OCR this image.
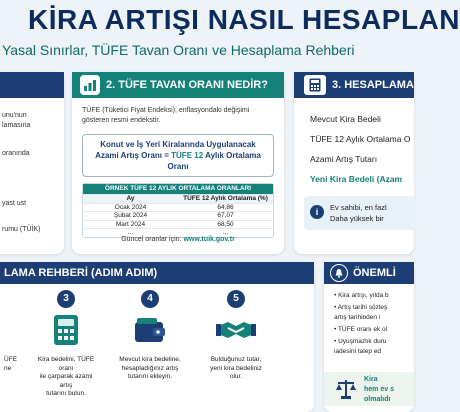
KİRA ARTIŞI NASIL HESAPLAN
Yasal Sınırlar, TÜFE Tavan Oranı ve Hesaplama Rehberi
unu'nun
lamasına
oranında
yast ust
rumu (TÜİK)
2. TÜFE TAVAN ORANI NEDİR?
TÜFE (Tüketici Fiyat Endeksi), enflasyondaki değişimi gösteren resmi endekstir.
Konut ve İş Yeri Kiralarında Uygulanacak
Azami Artış Oranı = TÜFE 12 Aylık Ortalama Oranı
ÖRNEK TÜFE 12 AYLIK ORTALAMA ORANLARI
Ay	TÜFE 12 Aylık Ortalama (%)
Ocak 2024	64,86
Şubat 2024	67,07
Mart 2024	68,50
...	...
Güncel oranlar için: www.tuik.gov.tr
3. HESAPLAMA
Mevcut Kira Bedeli
TÜFE 12 Aylık Ortalama O
Azami Artış Tutarı
Yeni Kira Bedeli (Azam
i	Ev sahibi, en fazl
Daha yüksek bir
LAMA REHBERİ (ADIM ADIM)
ÜFE
ne
3
Kira bedelini, TÜFE oranı
ile çarparak azami artış
tutarını bulun.
4
Mevcut kira bedeline,
hesapladığınız artış
tutarını ekleyin.
5
Bulduğunuz tutar,
yeni kira bedeliniz
olur.
ÖNEMLİ
• Kira artışı, yılda b
• Artış tarihi sözleş
artış tarihinden i
• TÜFE oranı ek ol
• Uyuşmazlık duru
iadesini talep ed
Kira
hem ev s
olmalıdı
